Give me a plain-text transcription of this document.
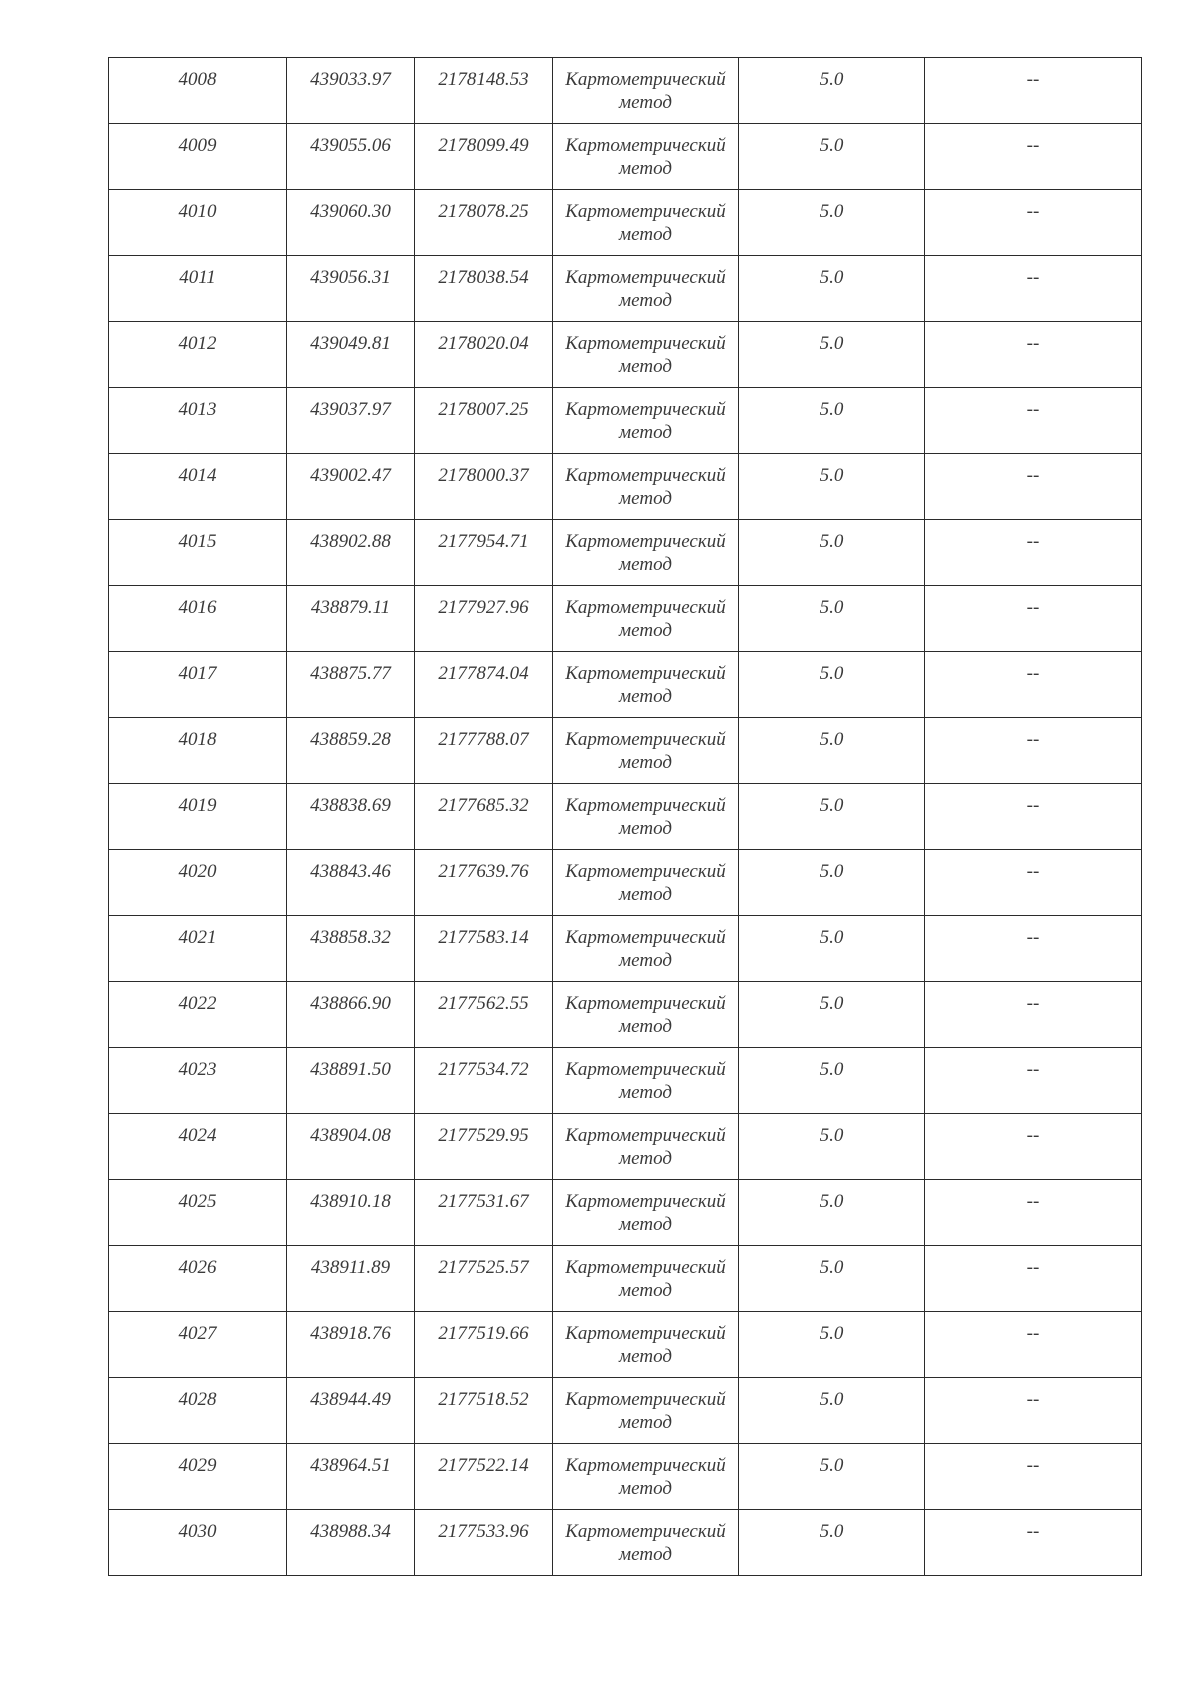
4008	439033.97	2178148.53	Картометрический метод	5.0	--
4009	439055.06	2178099.49	Картометрический метод	5.0	--
4010	439060.30	2178078.25	Картометрический метод	5.0	--
4011	439056.31	2178038.54	Картометрический метод	5.0	--
4012	439049.81	2178020.04	Картометрический метод	5.0	--
4013	439037.97	2178007.25	Картометрический метод	5.0	--
4014	439002.47	2178000.37	Картометрический метод	5.0	--
4015	438902.88	2177954.71	Картометрический метод	5.0	--
4016	438879.11	2177927.96	Картометрический метод	5.0	--
4017	438875.77	2177874.04	Картометрический метод	5.0	--
4018	438859.28	2177788.07	Картометрический метод	5.0	--
4019	438838.69	2177685.32	Картометрический метод	5.0	--
4020	438843.46	2177639.76	Картометрический метод	5.0	--
4021	438858.32	2177583.14	Картометрический метод	5.0	--
4022	438866.90	2177562.55	Картометрический метод	5.0	--
4023	438891.50	2177534.72	Картометрический метод	5.0	--
4024	438904.08	2177529.95	Картометрический метод	5.0	--
4025	438910.18	2177531.67	Картометрический метод	5.0	--
4026	438911.89	2177525.57	Картометрический метод	5.0	--
4027	438918.76	2177519.66	Картометрический метод	5.0	--
4028	438944.49	2177518.52	Картометрический метод	5.0	--
4029	438964.51	2177522.14	Картометрический метод	5.0	--
4030	438988.34	2177533.96	Картометрический метод	5.0	--
